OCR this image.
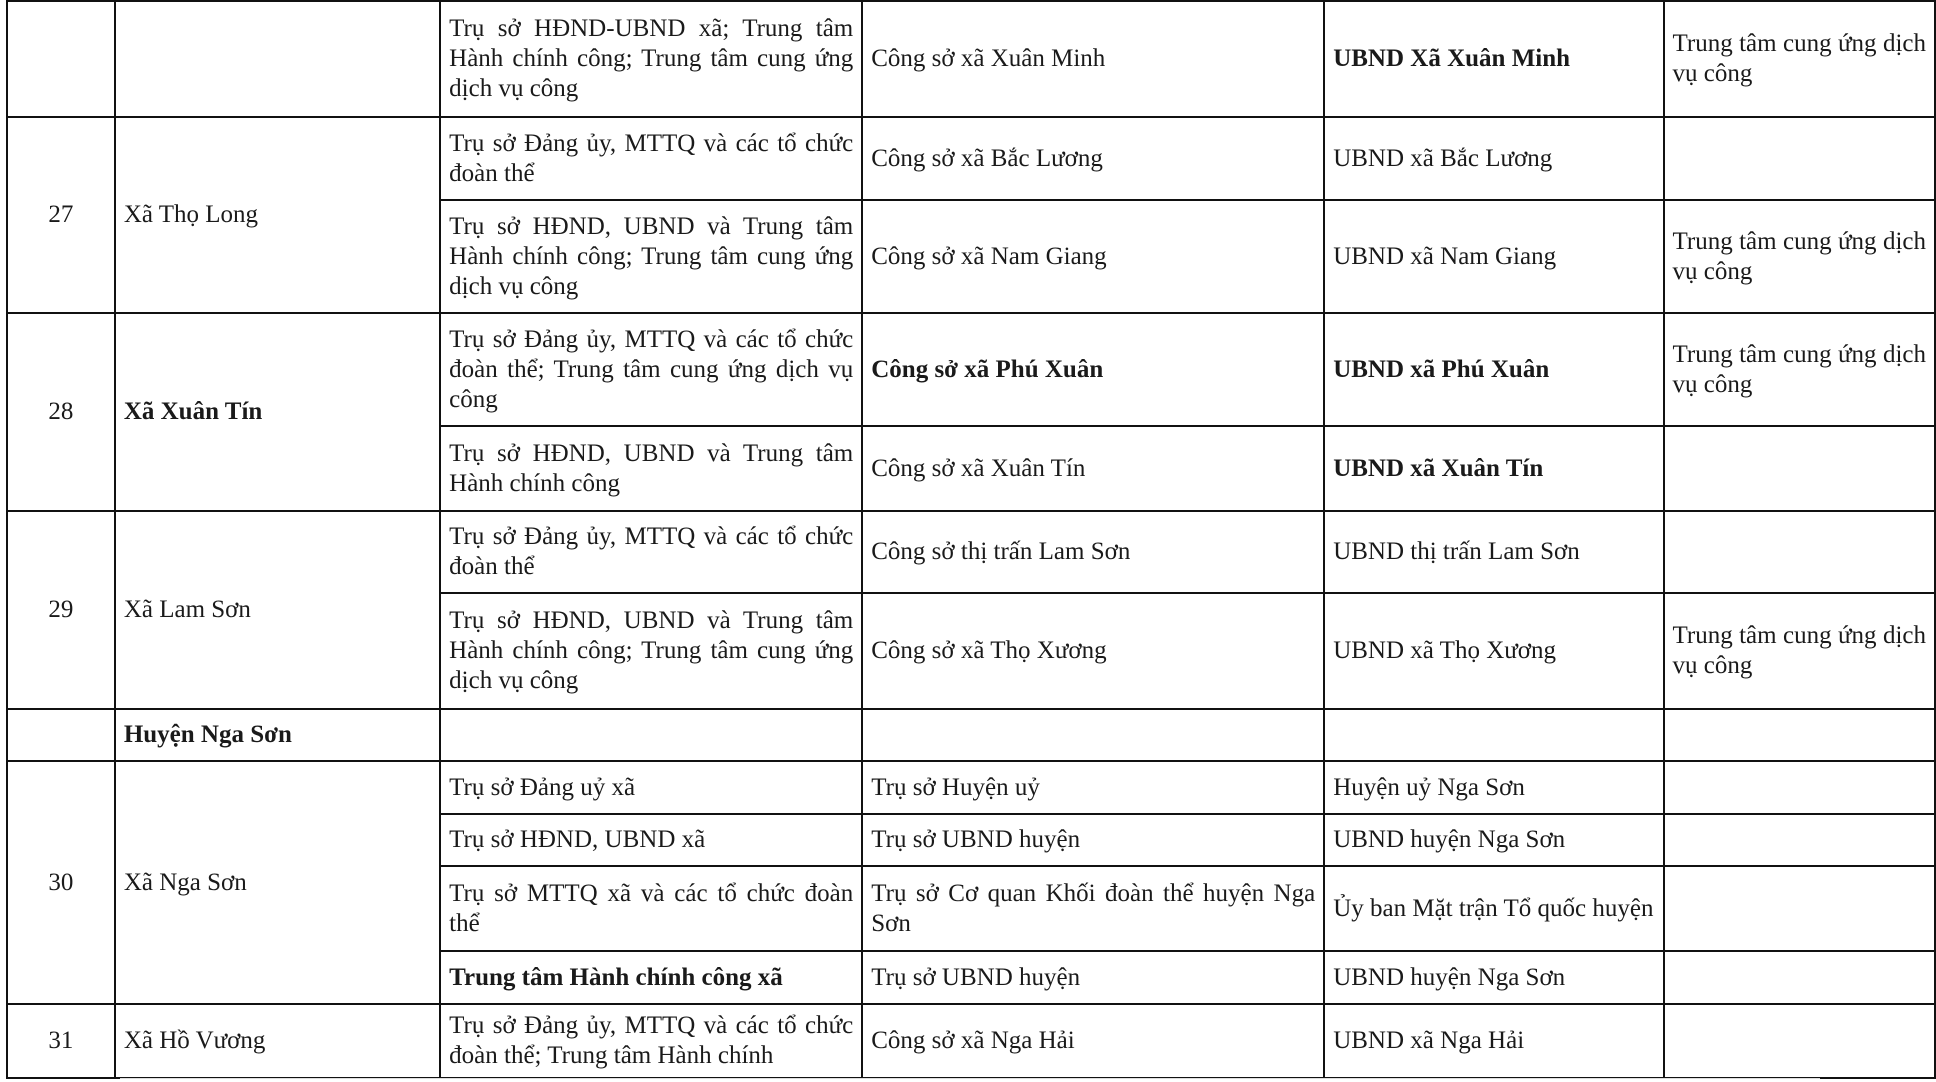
		Trụ sở HĐND-UBND xã; Trung tâm Hành chính công; Trung tâm cung ứng dịch vụ công	Công sở xã Xuân Minh	UBND Xã Xuân Minh	Trung tâm cung ứng dịch vụ công
27	Xã Thọ Long	Trụ sở Đảng ủy, MTTQ và các tổ chức đoàn thể	Công sở xã Bắc Lương	UBND xã Bắc Lương	
		Trụ sở HĐND, UBND và Trung tâm Hành chính công; Trung tâm cung ứng dịch vụ công	Công sở xã Nam Giang	UBND xã Nam Giang	Trung tâm cung ứng dịch vụ công
28	Xã Xuân Tín	Trụ sở Đảng ủy, MTTQ và các tổ chức đoàn thể; Trung tâm cung ứng dịch vụ công	Công sở xã Phú Xuân	UBND xã Phú Xuân	Trung tâm cung ứng dịch vụ công
		Trụ sở HĐND, UBND và Trung tâm Hành chính công	Công sở xã Xuân Tín	UBND xã Xuân Tín	
29	Xã Lam Sơn	Trụ sở Đảng ủy, MTTQ và các tổ chức đoàn thể	Công sở thị trấn Lam Sơn	UBND thị trấn Lam Sơn	
		Trụ sở HĐND, UBND và Trung tâm Hành chính công; Trung tâm cung ứng dịch vụ công	Công sở xã Thọ Xương	UBND xã Thọ Xương	Trung tâm cung ứng dịch vụ công
	Huyện Nga Sơn				
30	Xã Nga Sơn	Trụ sở Đảng uỷ xã	Trụ sở Huyện uỷ	Huyện uỷ Nga Sơn	
		Trụ sở HĐND, UBND xã	Trụ sở UBND huyện	UBND huyện Nga Sơn	
		Trụ sở MTTQ xã và các tổ chức đoàn thể	Trụ sở Cơ quan Khối đoàn thể huyện Nga Sơn	Ủy ban Mặt trận Tổ quốc huyện	
		Trung tâm Hành chính công xã	Trụ sở UBND huyện	UBND huyện Nga Sơn	
31	Xã Hồ Vương	Trụ sở Đảng ủy, MTTQ và các tổ chức đoàn thể; Trung tâm Hành chính	Công sở xã Nga Hải	UBND xã Nga Hải	
